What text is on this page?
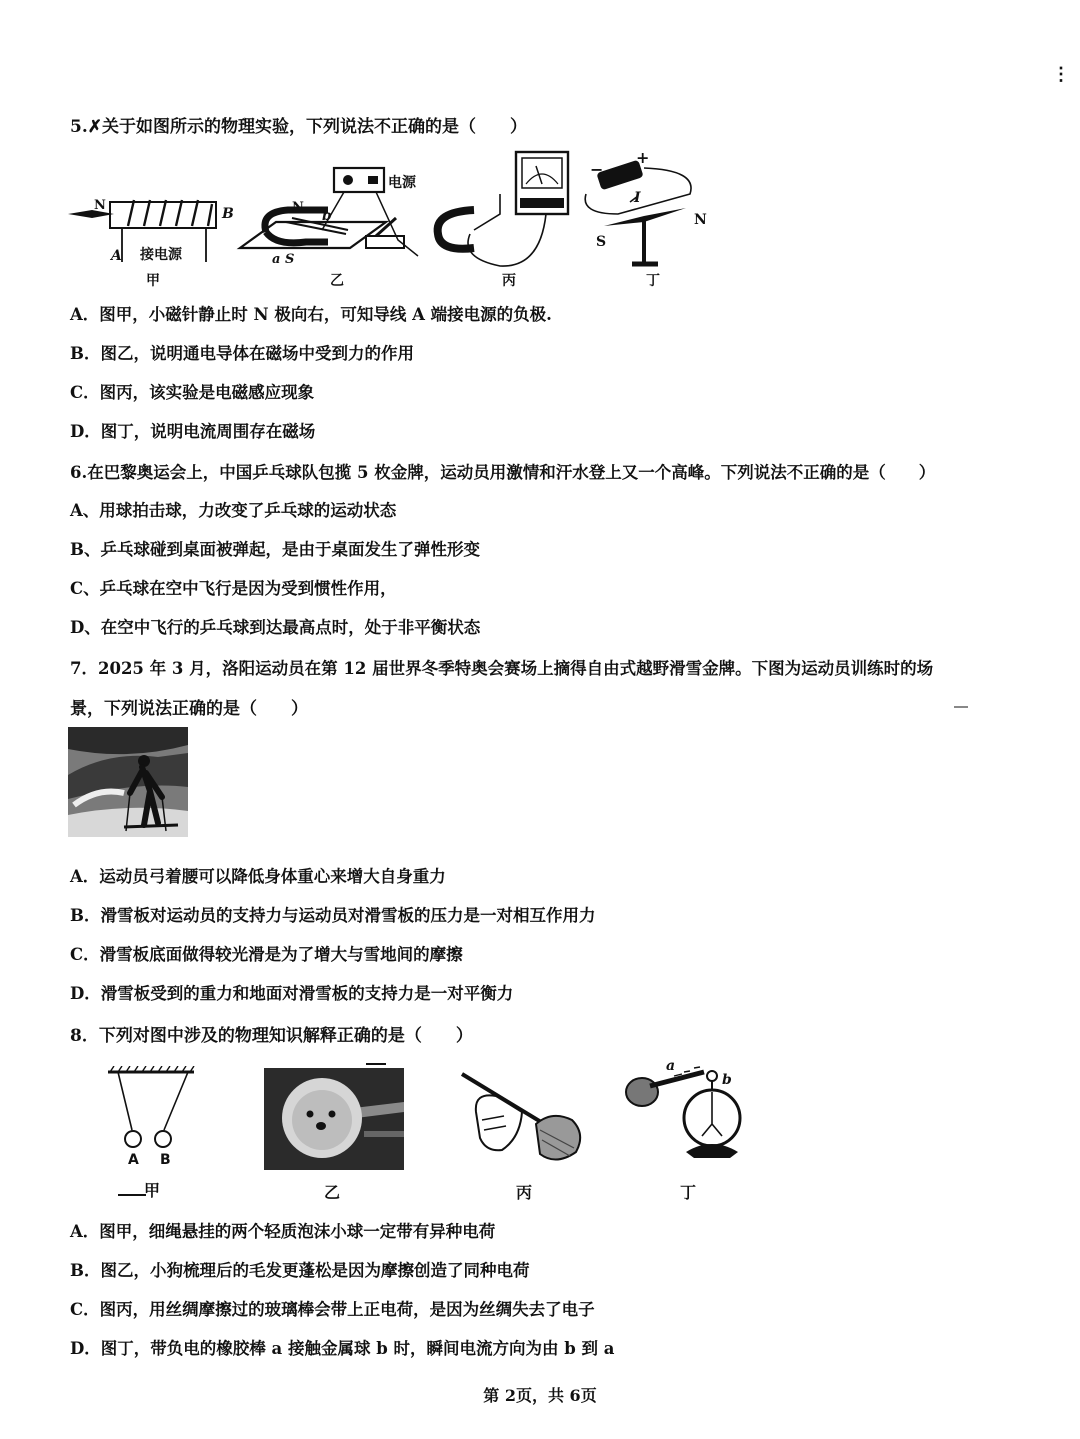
⋮
5.✗关于如图所示的物理实验，下列说法不正确的是（　　）
N
B
A 接电源
甲
电源
N
b
a S
乙	丙
−
+
I
S
N
丁
A．图甲，小磁针静止时 N 极向右，可知导线 A 端接电源的负极.
B．图乙，说明通电导体在磁场中受到力的作用
C．图丙，该实验是电磁感应现象
D．图丁，说明电流周围存在磁场
6.在巴黎奥运会上，中国乒乓球队包揽 5 枚金牌，运动员用激情和汗水登上又一个高峰。下列说法不正确的是（　　）
A、用球拍击球，力改变了乒乓球的运动状态
B、乒乓球碰到桌面被弹起，是由于桌面发生了弹性形变
C、乒乓球在空中飞行是因为受到惯性作用，
D、在空中飞行的乒乓球到达最高点时，处于非平衡状态
7．2025 年 3 月，洛阳运动员在第 12 届世界冬季特奥会赛场上摘得自由式越野滑雪金牌。下图为运动员训练时的场
景，下列说法正确的是（　　）
A．运动员弓着腰可以降低身体重心来增大自身重力
B．滑雪板对运动员的支持力与运动员对滑雪板的压力是一对相互作用力
C．滑雪板底面做得较光滑是为了增大与雪地间的摩擦
D．滑雪板受到的重力和地面对滑雪板的支持力是一对平衡力
8．下列对图中涉及的物理知识解释正确的是（　　）
A B
甲	乙	丙
a
b
丁
A．图甲，细绳悬挂的两个轻质泡沫小球一定带有异种电荷
B．图乙，小狗梳理后的毛发更蓬松是因为摩擦创造了同种电荷
C．图丙，用丝绸摩擦过的玻璃棒会带上正电荷，是因为丝绸失去了电子
D．图丁，带负电的橡胶棒 a 接触金属球 b 时，瞬间电流方向为由 b 到 a
第 2页，共 6页
